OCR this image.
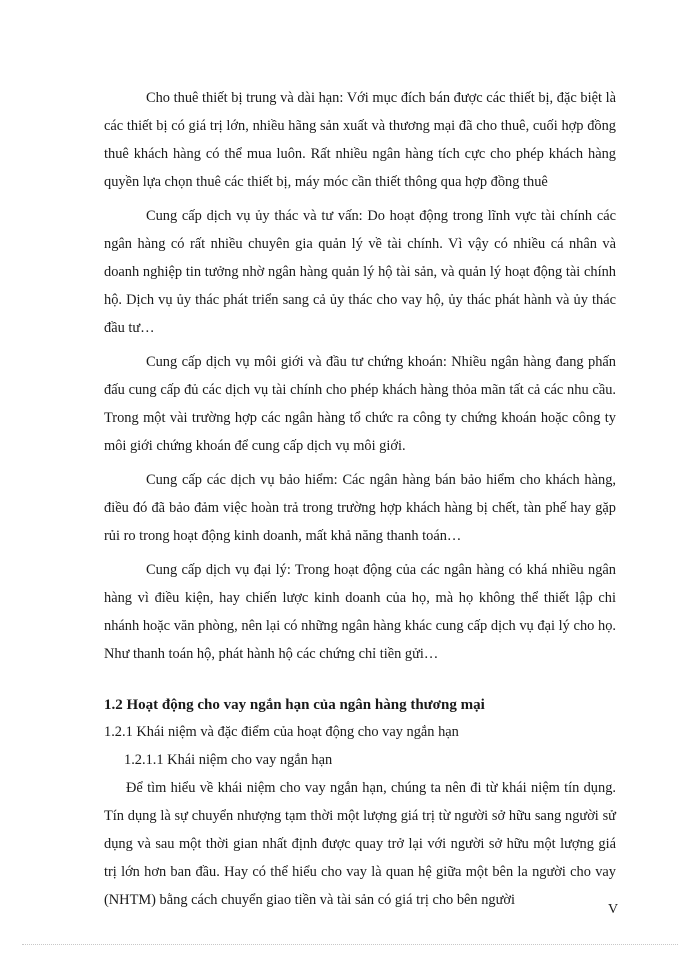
Cho thuê thiết bị trung và dài hạn: Với mục đích bán được các thiết bị, đặc biệt là các thiết bị có giá trị lớn, nhiều hãng sản xuất và thương mại đã cho thuê, cuối hợp đồng thuê khách hàng có thể mua luôn. Rất nhiều ngân hàng tích cực cho phép khách hàng quyền lựa chọn thuê các thiết bị, máy móc cần thiết thông qua hợp đồng thuê

Cung cấp dịch vụ ủy thác và tư vấn: Do hoạt động trong lĩnh vực tài chính các ngân hàng có rất nhiều chuyên gia quản lý về tài chính. Vì vậy có nhiều cá nhân và doanh nghiệp tin tưởng nhờ ngân hàng quản lý hộ tài sản, và quản lý hoạt động tài chính hộ. Dịch vụ ủy thác phát triển sang cả ủy thác cho vay hộ, ủy thác phát hành và ủy thác đầu tư…

Cung cấp dịch vụ môi giới và đầu tư chứng khoán: Nhiều ngân hàng đang phấn đấu cung cấp đủ các dịch vụ tài chính cho phép khách hàng thỏa mãn tất cả các nhu cầu. Trong một vài trường hợp các ngân hàng tổ chức ra công ty chứng khoán hoặc công ty môi giới chứng khoán để cung cấp dịch vụ môi giới.

Cung cấp các dịch vụ bảo hiểm: Các ngân hàng bán bảo hiểm cho khách hàng, điều đó đã bảo đảm việc hoàn trả trong trường hợp khách hàng bị chết, tàn phế hay gặp rủi ro trong hoạt động kinh doanh, mất khả năng thanh toán…

Cung cấp dịch vụ đại lý: Trong hoạt động của các ngân hàng có khá nhiều ngân hàng vì điều kiện, hay chiến lược kinh doanh của họ, mà họ không thể thiết lập chi nhánh hoặc văn phòng, nên lại có những ngân hàng khác cung cấp dịch vụ đại lý cho họ. Như thanh toán hộ, phát hành hộ các chứng chỉ tiền gửi…

1.2 Hoạt động cho vay ngắn hạn của ngân hàng thương mại

1.2.1 Khái niệm và đặc điểm của hoạt động cho vay ngắn hạn

1.2.1.1 Khái niệm cho vay ngắn hạn

Để tìm hiểu về khái niệm cho vay ngắn hạn, chúng ta nên đi từ khái niệm tín dụng. Tín dụng là sự chuyển nhượng tạm thời một lượng giá trị từ người sở hữu sang người sử dụng và sau một thời gian nhất định được quay trở lại với người sở hữu một lượng giá trị lớn hơn ban đầu. Hay có thể hiểu cho vay là quan hệ giữa một bên la người cho vay (NHTM) bằng cách chuyển giao tiền và tài sản có giá trị cho bên người

V
